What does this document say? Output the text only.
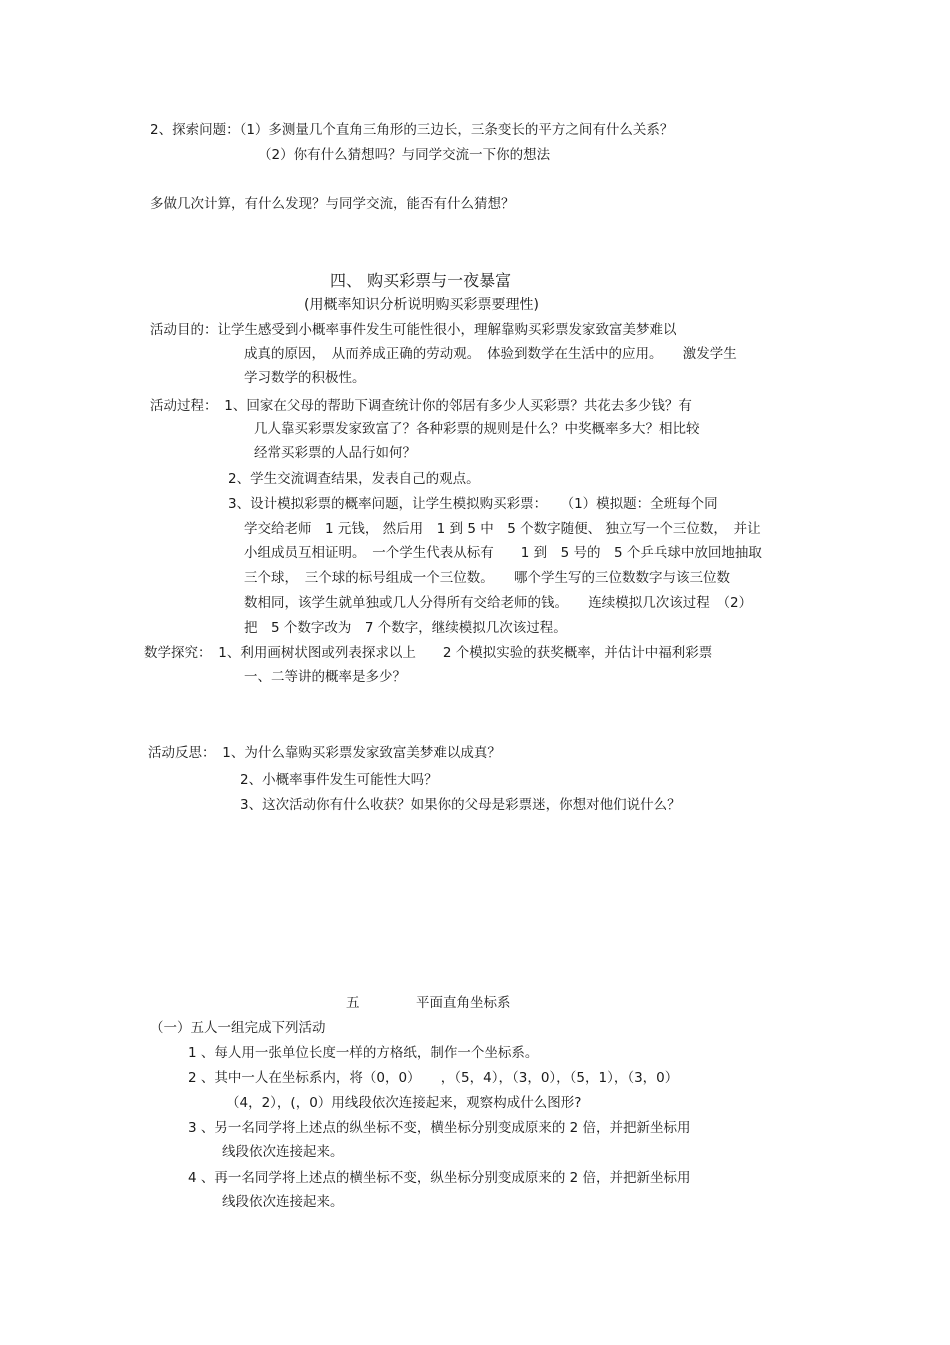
2、探索问题：（1）多测量几个直角三角形的三边长，三条变长的平方之间有什么关系？
（2）你有什么猜想吗？与同学交流一下你的想法
多做几次计算，有什么发现？与同学交流，能否有什么猜想？
四、 购买彩票与一夜暴富
(用概率知识分析说明购买彩票要理性)
活动目的：让学生感受到小概率事件发生可能性很小，理解靠购买彩票发家致富美梦难以
成真的原因，　从而养成正确的劳动观。　体验到数学在生活中的应用。　　激发学生
学习数学的积极性。
活动过程：　1、回家在父母的帮助下调查统计你的邻居有多少人买彩票？共花去多少钱？有
几人靠买彩票发家致富了？各种彩票的规则是什么？中奖概率多大？相比较
经常买彩票的人品行如何？
2、学生交流调查结果，发表自己的观点。
3、设计模拟彩票的概率问题，让学生模拟购买彩票：　　（1）模拟题：全班每个同
学交给老师　1 元钱， 然后用　1 到 5 中　5 个数字随便、 独立写一个三位数，　并让
小组成员互相证明。　一个学生代表从标有　　1 到　5 号的　5 个乒乓球中放回地抽取
三个球，　三个球的标号组成一个三位数。　　哪个学生写的三位数数字与该三位数
数相同，该学生就单独或几人分得所有交给老师的钱。　　连续模拟几次该过程　（2）
把　5 个数字改为　7 个数字，继续模拟几次该过程。
数学探究：　1、利用画树状图或列表探求以上　　2 个模拟实验的获奖概率，并估计中福利彩票
一、二等讲的概率是多少？
活动反思：　1、为什么靠购买彩票发家致富美梦难以成真？
2、小概率事件发生可能性大吗？
3、这次活动你有什么收获？如果你的父母是彩票迷，你想对他们说什么？
五	平面直角坐标系
（一）五人一组完成下列活动
1 、每人用一张单位长度一样的方格纸，制作一个坐标系。
2 、其中一人在坐标系内，将（0，0）　　，（5，4），（3，0），（5，1），（3，0）
（4，2），(，0）用线段依次连接起来，观察构成什么图形?
3 、另一名同学将上述点的纵坐标不变，横坐标分别变成原来的 2 倍，并把新坐标用
线段依次连接起来。
4 、再一名同学将上述点的横坐标不变，纵坐标分别变成原来的 2 倍，并把新坐标用
线段依次连接起来。
